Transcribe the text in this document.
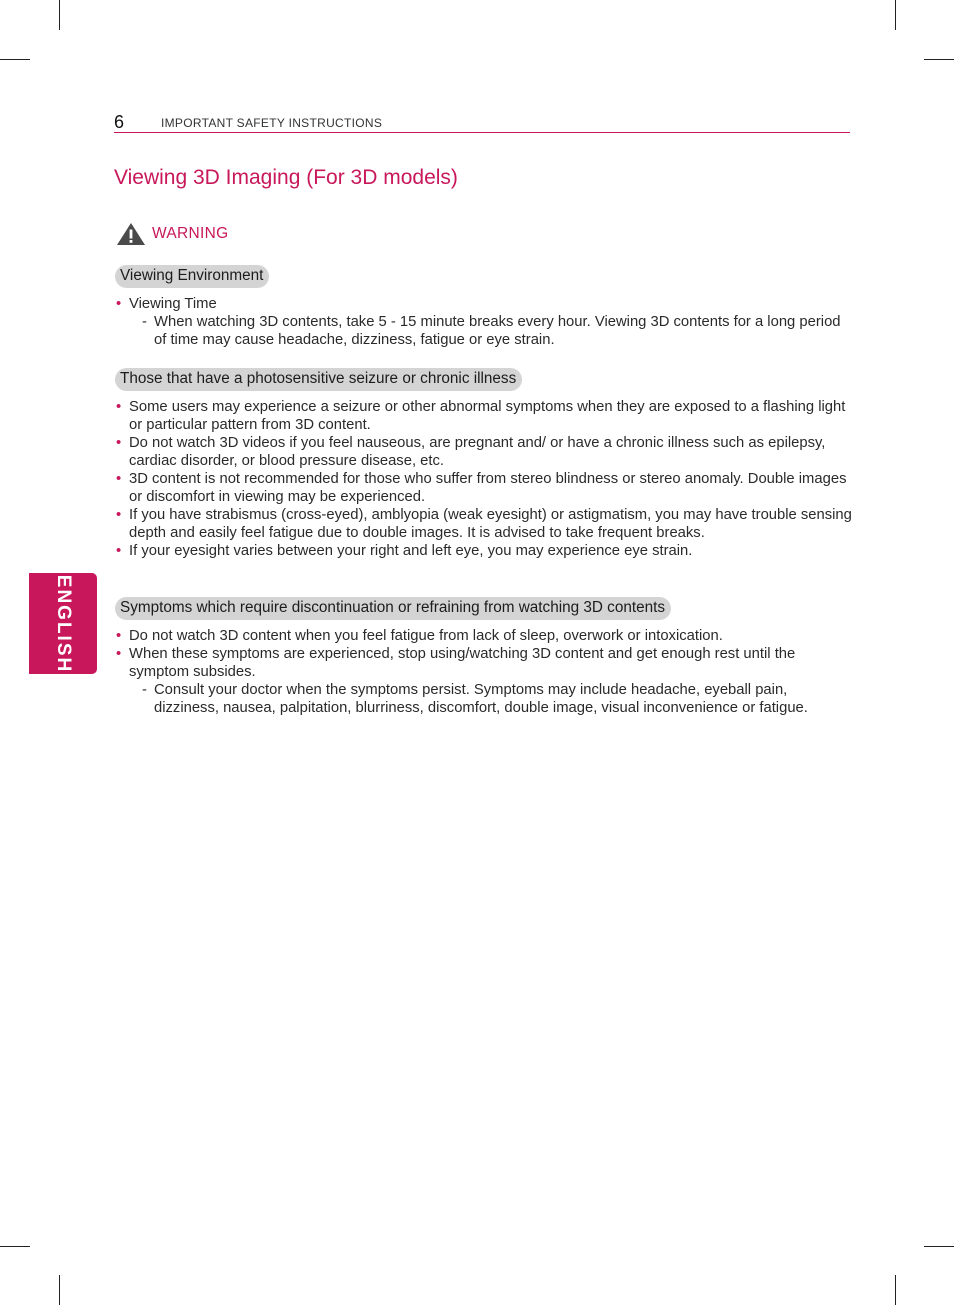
6	IMPORTANT SAFETY INSTRUCTIONS
Viewing 3D Imaging (For 3D models)
WARNING
Viewing Environment
• Viewing Time
- When watching 3D contents, take 5 - 15 minute breaks every hour. Viewing 3D contents for a long period of time may cause headache, dizziness, fatigue or eye strain.
Those that have a photosensitive seizure or chronic illness
• Some users may experience a seizure or other abnormal symptoms when they are exposed to a flashing light or particular pattern from 3D content.
• Do not watch 3D videos if you feel nauseous, are pregnant and/ or have a chronic illness such as epilepsy, cardiac disorder, or blood pressure disease, etc.
• 3D content is not recommended for those who suffer from stereo blindness or stereo anomaly. Double images or discomfort in viewing may be experienced.
• If you have strabismus (cross-eyed), amblyopia (weak eyesight) or astigmatism, you may have trouble sensing depth and easily feel fatigue due to double images. It is advised to take frequent breaks.
• If your eyesight varies between your right and left eye, you may experience eye strain.
Symptoms which require discontinuation or refraining from watching 3D contents
• Do not watch 3D content when you feel fatigue from lack of sleep, overwork or intoxication.
• When these symptoms are experienced, stop using/watching 3D content and get enough rest until the symptom subsides.
- Consult your doctor when the symptoms persist. Symptoms may include headache, eyeball pain, dizziness, nausea, palpitation, blurriness, discomfort, double image, visual inconvenience or fatigue.
ENGLISH
